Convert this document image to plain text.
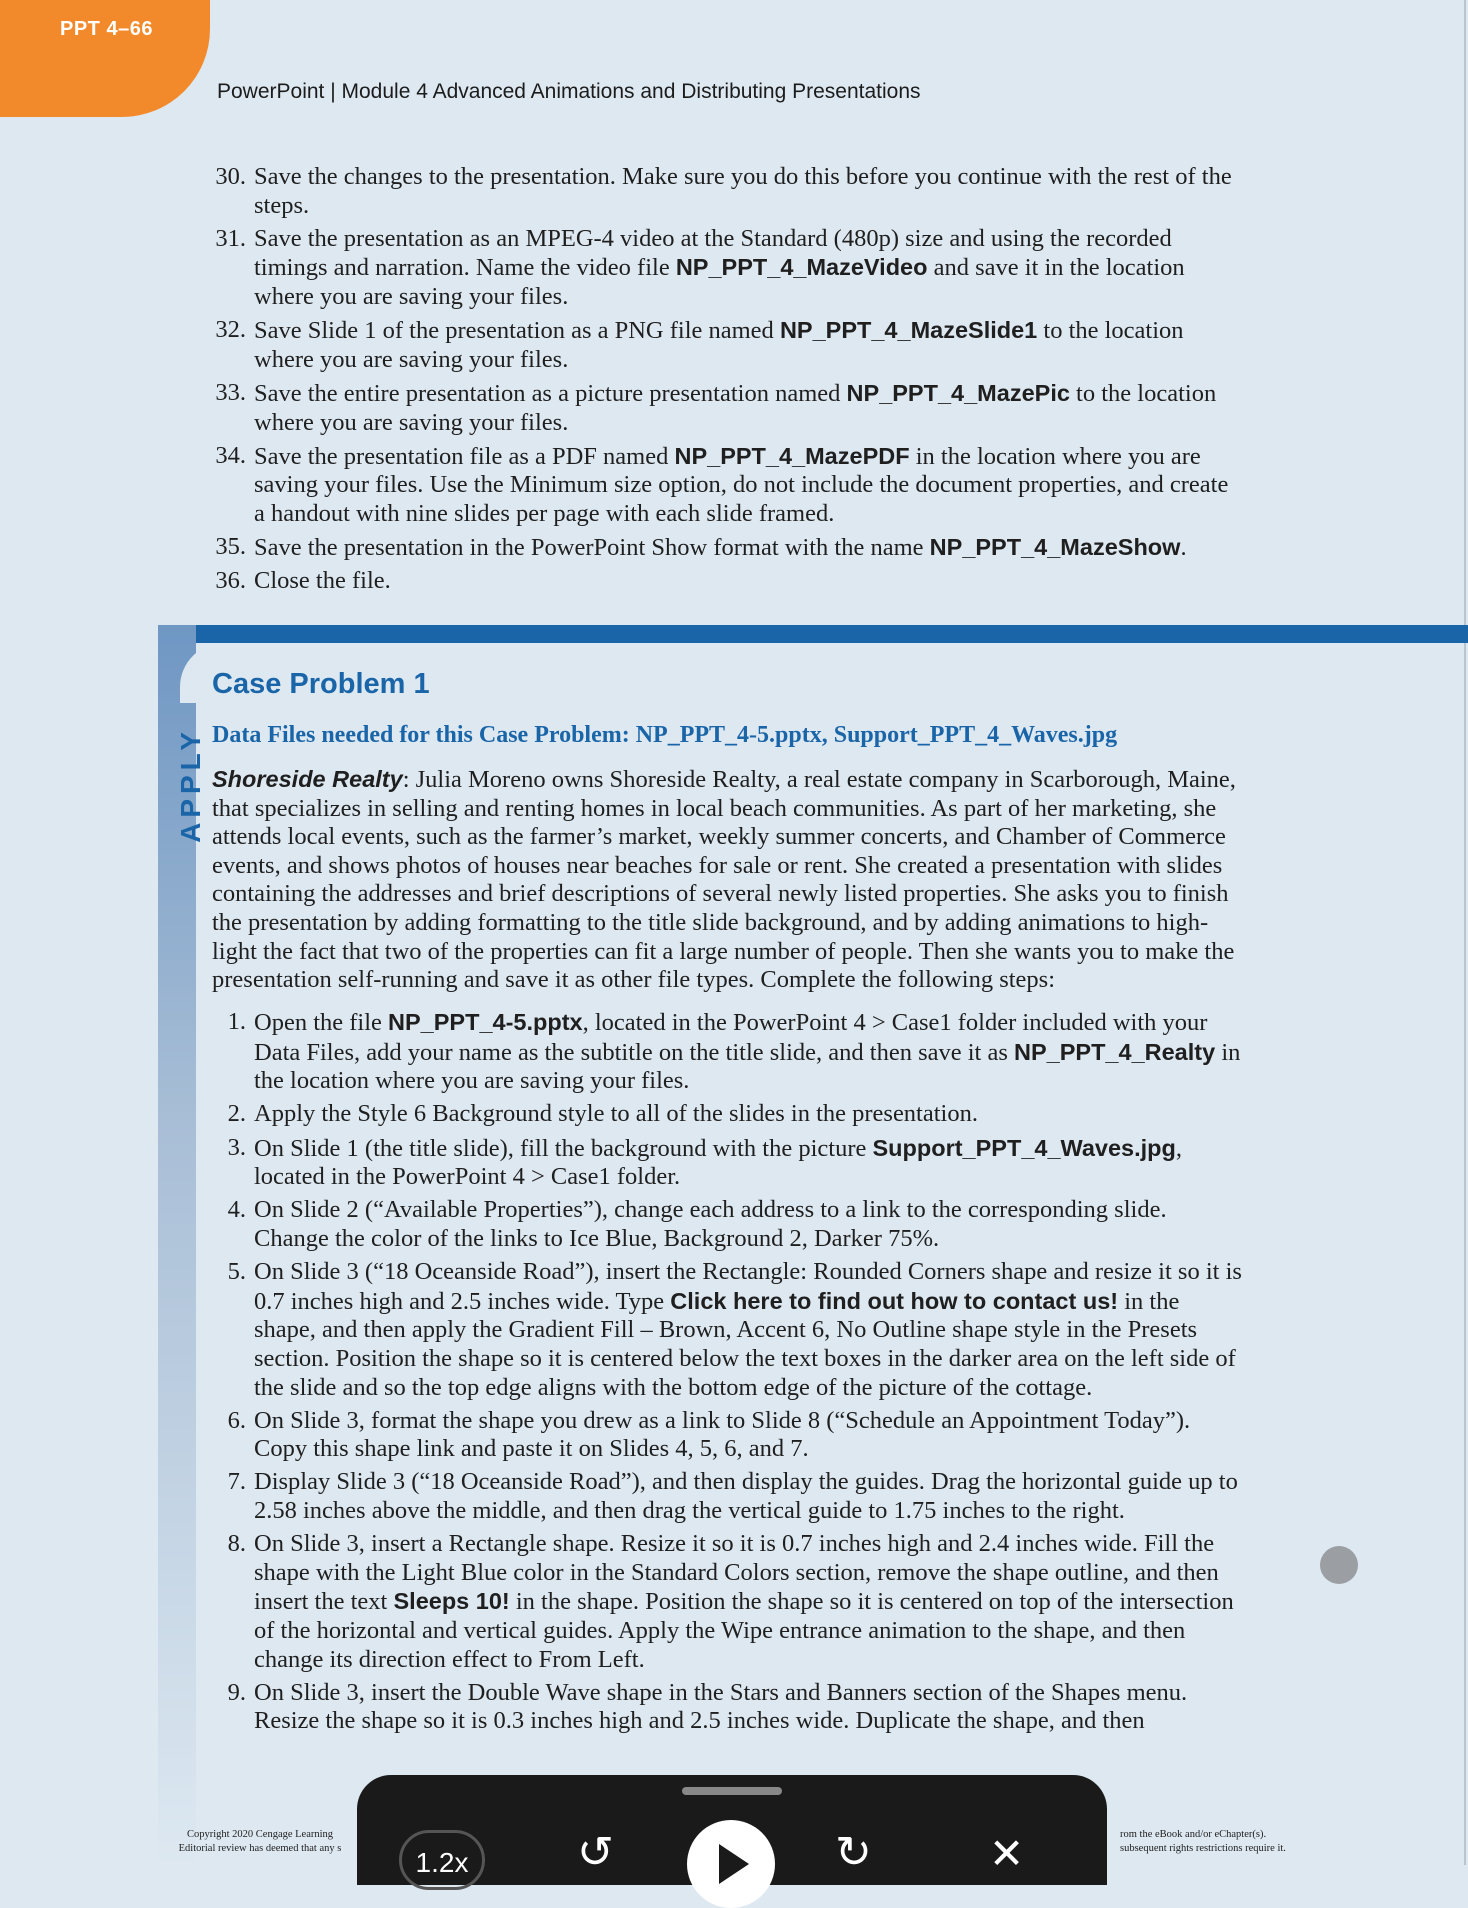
PPT 4–66
PowerPoint | Module 4 Advanced Animations and Distributing Presentations
30. Save the changes to the presentation. Make sure you do this before you continue with the rest of the steps.
31. Save the presentation as an MPEG-4 video at the Standard (480p) size and using the recorded timings and narration. Name the video file NP_PPT_4_MazeVideo and save it in the location where you are saving your files.
32. Save Slide 1 of the presentation as a PNG file named NP_PPT_4_MazeSlide1 to the location where you are saving your files.
33. Save the entire presentation as a picture presentation named NP_PPT_4_MazePic to the location where you are saving your files.
34. Save the presentation file as a PDF named NP_PPT_4_MazePDF in the location where you are saving your files. Use the Minimum size option, do not include the document properties, and create a handout with nine slides per page with each slide framed.
35. Save the presentation in the PowerPoint Show format with the name NP_PPT_4_MazeShow.
36. Close the file.
APPLY
Case Problem 1
Data Files needed for this Case Problem: NP_PPT_4-5.pptx, Support_PPT_4_Waves.jpg
Shoreside Realty: Julia Moreno owns Shoreside Realty, a real estate company in Scarborough, Maine, that specializes in selling and renting homes in local beach communities. As part of her marketing, she attends local events, such as the farmer’s market, weekly summer concerts, and Chamber of Commerce events, and shows photos of houses near beaches for sale or rent. She created a presentation with slides containing the addresses and brief descriptions of several newly listed properties. She asks you to finish the presentation by adding formatting to the title slide background, and by adding animations to high-light the fact that two of the properties can fit a large number of people. Then she wants you to make the presentation self-running and save it as other file types. Complete the following steps:
1. Open the file NP_PPT_4-5.pptx, located in the PowerPoint 4 > Case1 folder included with your Data Files, add your name as the subtitle on the title slide, and then save it as NP_PPT_4_Realty in the location where you are saving your files.
2. Apply the Style 6 Background style to all of the slides in the presentation.
3. On Slide 1 (the title slide), fill the background with the picture Support_PPT_4_Waves.jpg, located in the PowerPoint 4 > Case1 folder.
4. On Slide 2 (“Available Properties”), change each address to a link to the corresponding slide. Change the color of the links to Ice Blue, Background 2, Darker 75%.
5. On Slide 3 (“18 Oceanside Road”), insert the Rectangle: Rounded Corners shape and resize it so it is 0.7 inches high and 2.5 inches wide. Type Click here to find out how to contact us! in the shape, and then apply the Gradient Fill – Brown, Accent 6, No Outline shape style in the Presets section. Position the shape so it is centered below the text boxes in the darker area on the left side of the slide and so the top edge aligns with the bottom edge of the picture of the cottage.
6. On Slide 3, format the shape you drew as a link to Slide 8 (“Schedule an Appointment Today”). Copy this shape link and paste it on Slides 4, 5, 6, and 7.
7. Display Slide 3 (“18 Oceanside Road”), and then display the guides. Drag the horizontal guide up to 2.58 inches above the middle, and then drag the vertical guide to 1.75 inches to the right.
8. On Slide 3, insert a Rectangle shape. Resize it so it is 0.7 inches high and 2.4 inches wide. Fill the shape with the Light Blue color in the Standard Colors section, remove the shape outline, and then insert the text Sleeps 10! in the shape. Position the shape so it is centered on top of the intersection of the horizontal and vertical guides. Apply the Wipe entrance animation to the shape, and then change its direction effect to From Left.
9. On Slide 3, insert the Double Wave shape in the Stars and Banners section of the Shapes menu. Resize the shape so it is 0.3 inches high and 2.5 inches wide. Duplicate the shape, and then
Copyright 2020 Cengage Learning
Editorial review has deemed that any s
rom the eBook and/or eChapter(s).
subsequent rights restrictions require it.
1.2x	↺	↻	✕
